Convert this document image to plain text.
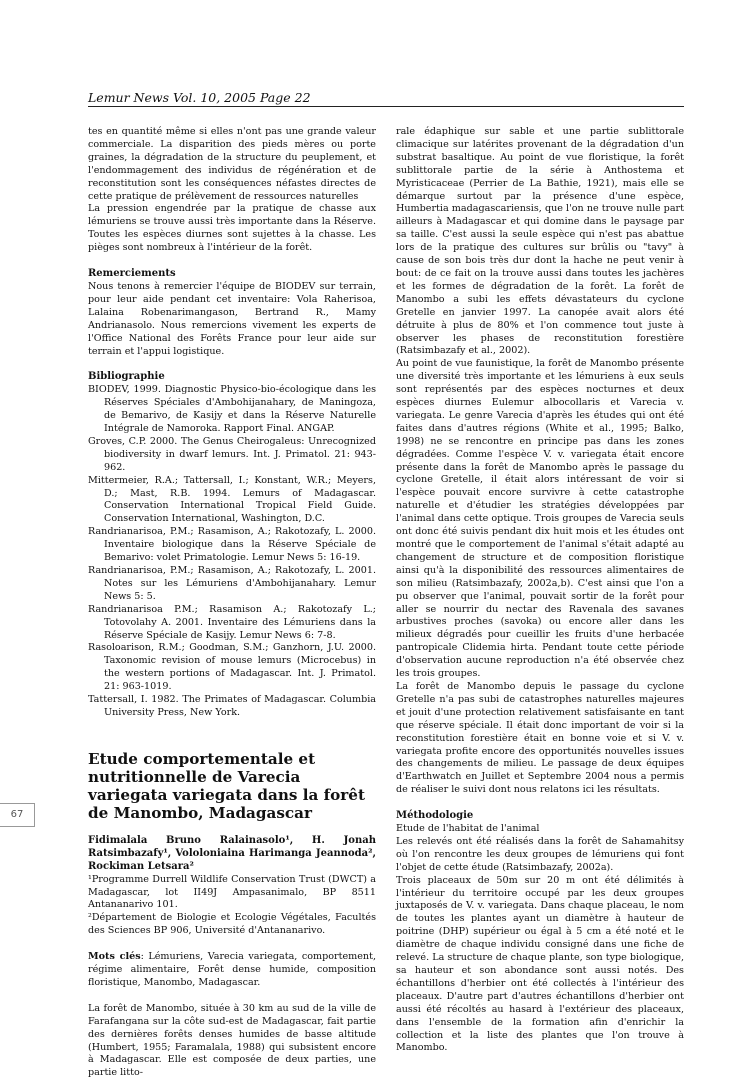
Lemur News Vol. 10, 2005 Page 22
67

tes en quantité même si elles n'ont pas une grande valeur commerciale. La disparition des pieds mères ou porte graines, la dégradation de la structure du peuplement, et l'endommagement des individus de régénération et de reconstitution sont les conséquences néfastes directes de cette pratique de prélèvement de ressources naturelles

La pression engendrée par la pratique de chasse aux lémuriens se trouve aussi très importante dans la Réserve. Toutes les espèces diurnes sont sujettes à la chasse. Les pièges sont nombreux à l'intérieur de la forêt.

Remerciements

Nous tenons à remercier l'équipe de BIODEV sur terrain, pour leur aide pendant cet inventaire: Vola Raherisoa, Lalaina Robenarimangason, Bertrand R., Mamy Andrianasolo. Nous remercions vivement les experts de l'Office National des Forêts France pour leur aide sur terrain et l'appui logistique.

Bibliographie

BIODEV, 1999. Diagnostic Physico-bio-écologique dans les Réserves Spéciales d'Ambohijanahary, de Maningoza, de Bemarivo, de Kasijy et dans la Réserve Naturelle Intégrale de Namoroka. Rapport Final. ANGAP.

Groves, C.P. 2000. The Genus Cheirogaleus: Unrecognized biodiversity in dwarf lemurs. Int. J. Primatol. 21: 943-962.

Mittermeier, R.A.; Tattersall, I.; Konstant, W.R.; Meyers, D.; Mast, R.B. 1994. Lemurs of Madagascar. Conservation International Tropical Field Guide. Conservation International, Washington, D.C.

Randrianarisoa, P.M.; Rasamison, A.; Rakotozafy, L. 2000. Inventaire biologique dans la Réserve Spéciale de Bemarivo: volet Primatologie. Lemur News 5: 16-19.

Randrianarisoa, P.M.; Rasamison, A.; Rakotozafy, L. 2001. Notes sur les Lémuriens d'Ambohijanahary. Lemur News 5: 5.

Randrianarisoa P.M.; Rasamison A.; Rakotozafy L.; Totovolahy A. 2001. Inventaire des Lémuriens dans la Réserve Spéciale de Kasijy. Lemur News 6: 7-8.

Rasoloarison, R.M.; Goodman, S.M.; Ganzhorn, J.U. 2000. Taxonomic revision of mouse lemurs (Microcebus) in the western portions of Madagascar. Int. J. Primatol. 21: 963-1019.

Tattersall, I. 1982. The Primates of Madagascar. Columbia University Press, New York.

Etude comportementale et nutritionnelle de Varecia variegata variegata dans la forêt de Manombo, Madagascar

Fidimalala Bruno Ralainasolo¹, H. Jonah Ratsimbazafy¹, Vololoniaina Harimanga Jeannoda², Rockiman Letsara²

¹Programme Durrell Wildlife Conservation Trust (DWCT) a Madagascar, lot II49J Ampasanimalo, BP 8511 Antananarivo 101.

²Département de Biologie et Ecologie Végétales, Facultés des Sciences BP 906, Université d'Antananarivo.

Mots clés: Lémuriens, Varecia variegata, comportement, régime alimentaire, Forêt dense humide, composition floristique, Manombo, Madagascar.

La forêt de Manombo, située à 30 km au sud de la ville de Farafangana sur la côte sud-est de Madagascar, fait partie des dernières forêts denses humides de basse altitude (Humbert, 1955; Faramalala, 1988) qui subsistent encore à Madagascar. Elle est composée de deux parties, une partie litto-

rale édaphique sur sable et une partie sublittorale climacique sur latérites provenant de la dégradation d'un substrat basaltique. Au point de vue floristique, la forêt sublittorale partie de la série à Anthostema et Myristicaceae (Perrier de La Bathie, 1921), mais elle se démarque surtout par la présence d'une espèce, Humbertia madagascariensis, que l'on ne trouve nulle part ailleurs à Madagascar et qui domine dans le paysage par sa taille. C'est aussi la seule espèce qui n'est pas abattue lors de la pratique des cultures sur brûlis ou "tavy" à cause de son bois très dur dont la hache ne peut venir à bout: de ce fait on la trouve aussi dans toutes les jachères et les formes de dégradation de la forêt. La forêt de Manombo a subi les effets dévastateurs du cyclone Gretelle en janvier 1997. La canopée avait alors été détruite à plus de 80% et l'on commence tout juste à observer les phases de reconstitution forestière (Ratsimbazafy et al., 2002).

Au point de vue faunistique, la forêt de Manombo présente une diversité très importante et les lémuriens à eux seuls sont représentés par des espèces nocturnes et deux espèces diurnes Eulemur albocollaris et Varecia v. variegata. Le genre Varecia d'après les études qui ont été faites dans d'autres régions (White et al., 1995; Balko, 1998) ne se rencontre en principe pas dans les zones dégradées. Comme l'espèce V. v. variegata était encore présente dans la forêt de Manombo après le passage du cyclone Gretelle, il était alors intéressant de voir si l'espèce pouvait encore survivre à cette catastrophe naturelle et d'étudier les stratégies développées par l'animal dans cette optique. Trois groupes de Varecia seuls ont donc été suivis pendant dix huit mois et les études ont montré que le comportement de l'animal s'était adapté au changement de structure et de composition floristique ainsi qu'à la disponibilité des ressources alimentaires de son milieu (Ratsimbazafy, 2002a,b). C'est ainsi que l'on a pu observer que l'animal, pouvait sortir de la forêt pour aller se nourrir du nectar des Ravenala des savanes arbustives proches (savoka) ou encore aller dans les milieux dégradés pour cueillir les fruits d'une herbacée pantropicale Clidemia hirta. Pendant toute cette période d'observation aucune reproduction n'a été observée chez les trois groupes.

La forêt de Manombo depuis le passage du cyclone Gretelle n'a pas subi de catastrophes naturelles majeures et jouit d'une protection relativement satisfaisante en tant que réserve spéciale. Il était donc important de voir si la reconstitution forestière était en bonne voie et si V. v. variegata profite encore des opportunités nouvelles issues des changements de milieu. Le passage de deux équipes d'Earthwatch en Juillet et Septembre 2004 nous a permis de réaliser le suivi dont nous relatons ici les résultats.

Méthodologie

Etude de l'habitat de l'animal

Les relevés ont été réalisés dans la forêt de Sahamahitsy où l'on rencontre les deux groupes de lémuriens qui font l'objet de cette étude (Ratsimbazafy, 2002a).

Trois placeaux de 50m sur 20 m ont été délimités à l'intérieur du territoire occupé par les deux groupes juxtaposés de V. v. variegata. Dans chaque placeau, le nom de toutes les plantes ayant un diamètre à hauteur de poitrine (DHP) supérieur ou égal à 5 cm a été noté et le diamètre de chaque individu consigné dans une fiche de relevé. La structure de chaque plante, son type biologique, sa hauteur et son abondance sont aussi notés. Des échantillons d'herbier ont été collectés à l'intérieur des placeaux. D'autre part d'autres échantillons d'herbier ont aussi été récoltés au hasard à l'extérieur des placeaux, dans l'ensemble de la formation afin d'enrichir la collection et la liste des plantes que l'on trouve à Manombo.
